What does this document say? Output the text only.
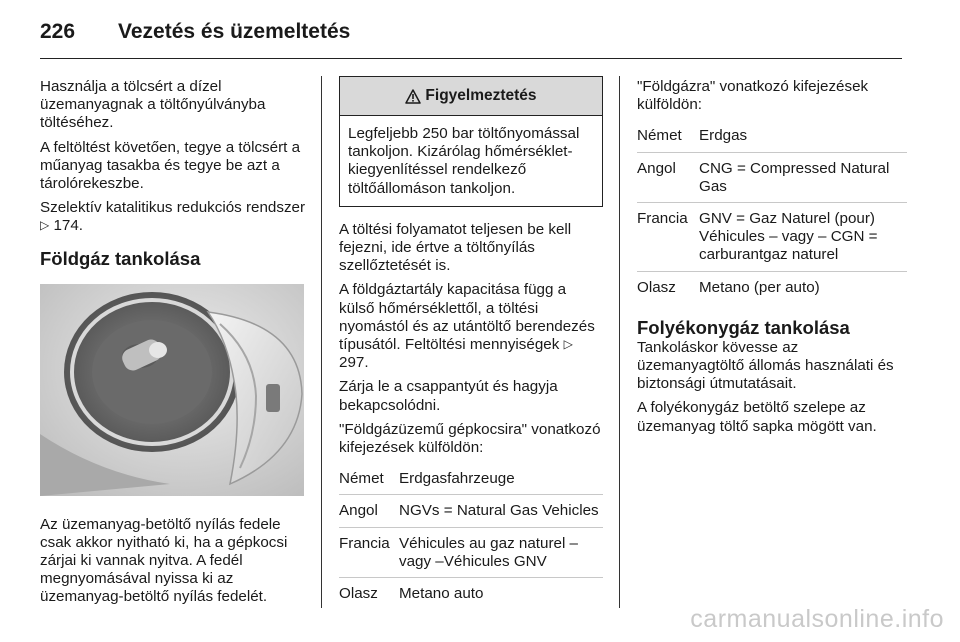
226 Vezetés és üzemeltetés

Használja a tölcsért a dízel üzemanyagnak a töltőnyúlványba töltéséhez.

A feltöltést követően, tegye a tölcsért a műanyag tasakba és tegye be azt a tárolórekeszbe.

Szelektív katalitikus redukciós rendszer ▷ 174.

Földgáz tankolása

Az üzemanyag-betöltő nyílás fedele csak akkor nyitható ki, ha a gépkocsi zárjai ki vannak nyitva. A fedél megnyomásával nyissa ki az üzemanyag-betöltő nyílás fedelét.

Figyelmeztetés
Legfeljebb 250 bar töltőnyomással tankoljon. Kizárólag hőmérséklet-kiegyenlítéssel rendelkező töltőállomáson tankoljon.

A töltési folyamatot teljesen be kell fejezni, ide értve a töltőnyílás szellőztetését is.

A földgáztartály kapacitása függ a külső hőmérséklettől, a töltési nyomástól és az utántöltő berendezés típusától. Feltöltési mennyiségek ▷ 297.

Zárja le a csappantyút és hagyja bekapcsolódni.

"Földgázüzemű gépkocsira" vonatkozó kifejezések külföldön:

Német	Erdgasfahrzeuge
Angol	NGVs = Natural Gas Vehicles
Francia Véhicules au gaz naturel – vagy –Véhicules GNV
Olasz	Metano auto

"Földgázra" vonatkozó kifejezések külföldön:

Német	Erdgas
Angol	CNG = Compressed Natural Gas
Francia GNV = Gaz Naturel (pour) Véhicules – vagy – CGN = carburantgaz naturel
Olasz	Metano (per auto)
Folyékonygáz tankolása

Tankoláskor kövesse az üzemanyagtöltő állomás használati és biztonsági útmutatásait.

A folyékonygáz betöltő szelepe az üzemanyag töltő sapka mögött van.

carmanualsonline.info
